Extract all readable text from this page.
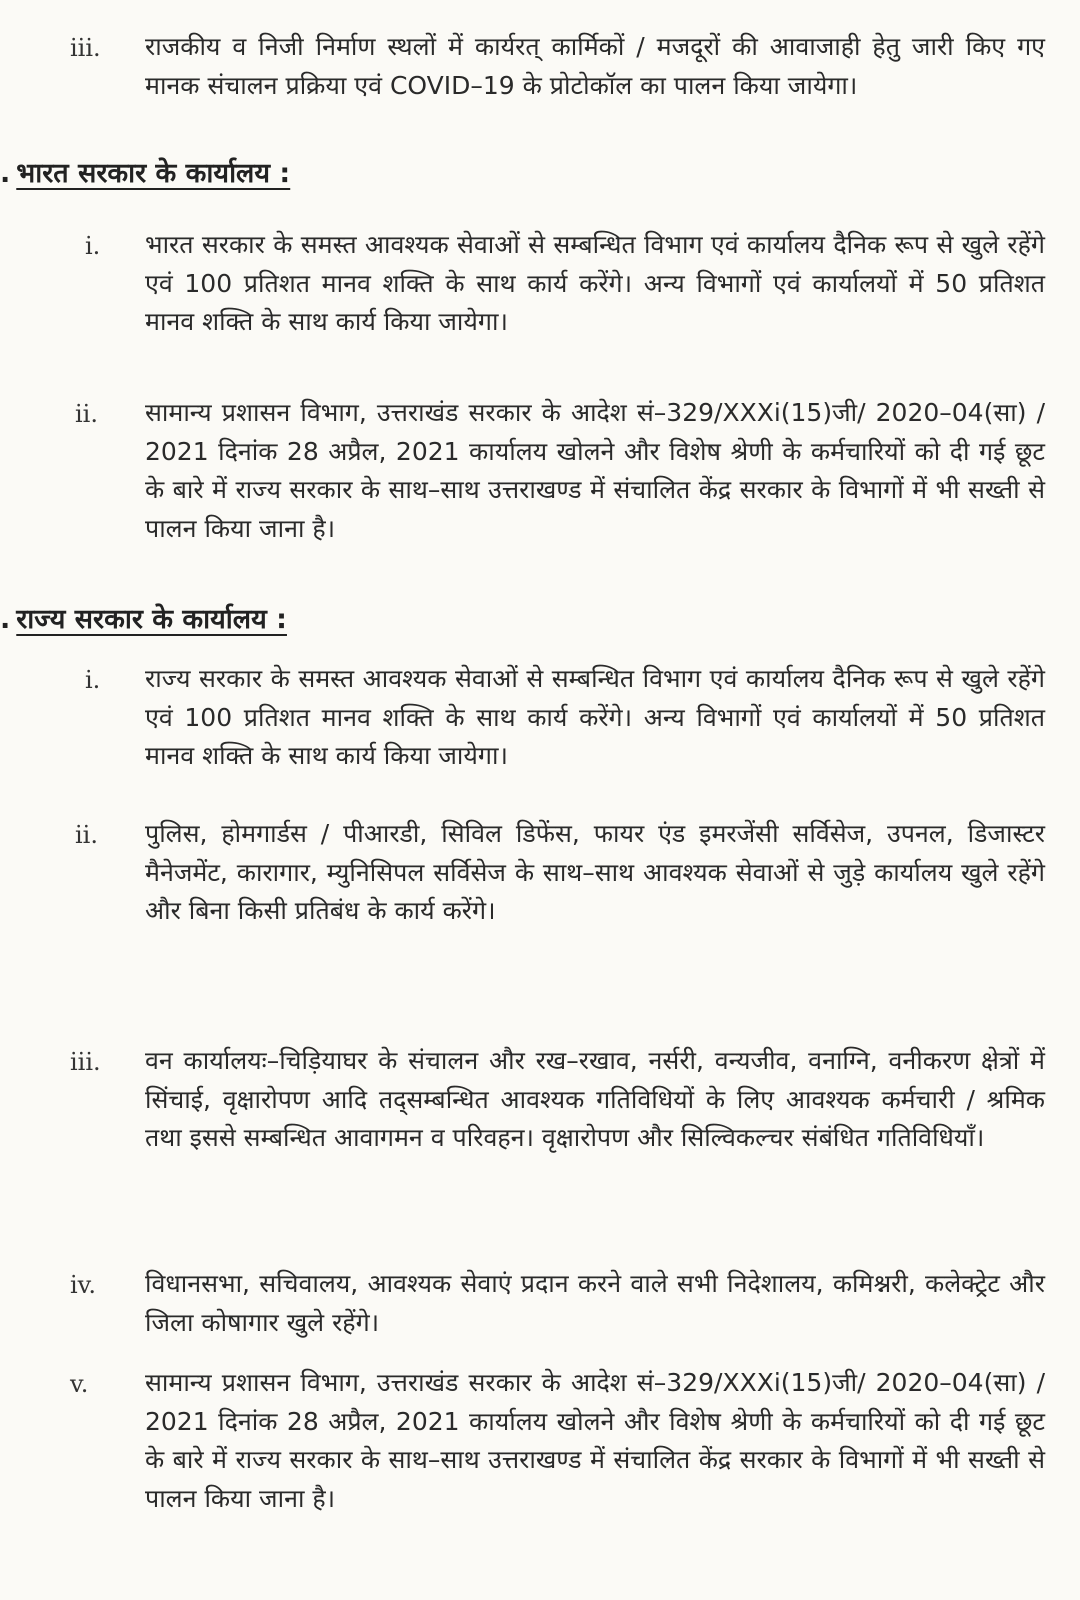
iii.	राजकीय व निजी निर्माण स्थलों में कार्यरत् कार्मिकों / मजदूरों की आवाजाही हेतु जारी किए गए मानक संचालन प्रक्रिया एवं COVID–19 के प्रोटोकॉल का पालन किया जायेगा।
. भारत सरकार के कार्यालय :
i.	भारत सरकार के समस्त आवश्यक सेवाओं से सम्बन्धित विभाग एवं कार्यालय दैनिक रूप से खुले रहेंगे एवं 100 प्रतिशत मानव शक्ति के साथ कार्य करेंगे। अन्य विभागों एवं कार्यालयों में 50 प्रतिशत मानव शक्ति के साथ कार्य किया जायेगा।
ii.	सामान्य प्रशासन विभाग, उत्तराखंड सरकार के आदेश सं–329/XXXi(15)जी/ 2020–04(सा) / 2021 दिनांक 28 अप्रैल, 2021 कार्यालय खोलने और विशेष श्रेणी के कर्मचारियों को दी गई छूट के बारे में राज्य सरकार के साथ–साथ उत्तराखण्ड में संचालित केंद्र सरकार के विभागों में भी सख्ती से पालन किया जाना है।
. राज्य सरकार के कार्यालय :
i.	राज्य सरकार के समस्त आवश्यक सेवाओं से सम्बन्धित विभाग एवं कार्यालय दैनिक रूप से खुले रहेंगे एवं 100 प्रतिशत मानव शक्ति के साथ कार्य करेंगे। अन्य विभागों एवं कार्यालयों में 50 प्रतिशत मानव शक्ति के साथ कार्य किया जायेगा।
ii.	पुलिस, होमगार्डस / पीआरडी, सिविल डिफेंस, फायर एंड इमरजेंसी सर्विसेज, उपनल, डिजास्टर मैनेजमेंट, कारागार, म्युनिसिपल सर्विसेज के साथ–साथ आवश्यक सेवाओं से जुड़े कार्यालय खुले रहेंगे और बिना किसी प्रतिबंध के कार्य करेंगे।
iii.	वन कार्यालयः–चिड़ियाघर के संचालन और रख–रखाव, नर्सरी, वन्यजीव, वनाग्नि, वनीकरण क्षेत्रों में सिंचाई, वृक्षारोपण आदि तद्सम्बन्धित आवश्यक गतिविधियों के लिए आवश्यक कर्मचारी / श्रमिक तथा इससे सम्बन्धित आवागमन व परिवहन। वृक्षारोपण और सिल्विकल्चर संबंधित गतिविधियाँ।
iv.	विधानसभा, सचिवालय, आवश्यक सेवाएं प्रदान करने वाले सभी निदेशालय, कमिश्नरी, कलेक्ट्रेट और जिला कोषागार खुले रहेंगे।
v.	सामान्य प्रशासन विभाग, उत्तराखंड सरकार के आदेश सं–329/XXXi(15)जी/ 2020–04(सा) / 2021 दिनांक 28 अप्रैल, 2021 कार्यालय खोलने और विशेष श्रेणी के कर्मचारियों को दी गई छूट के बारे में राज्य सरकार के साथ–साथ उत्तराखण्ड में संचालित केंद्र सरकार के विभागों में भी सख्ती से पालन किया जाना है।
